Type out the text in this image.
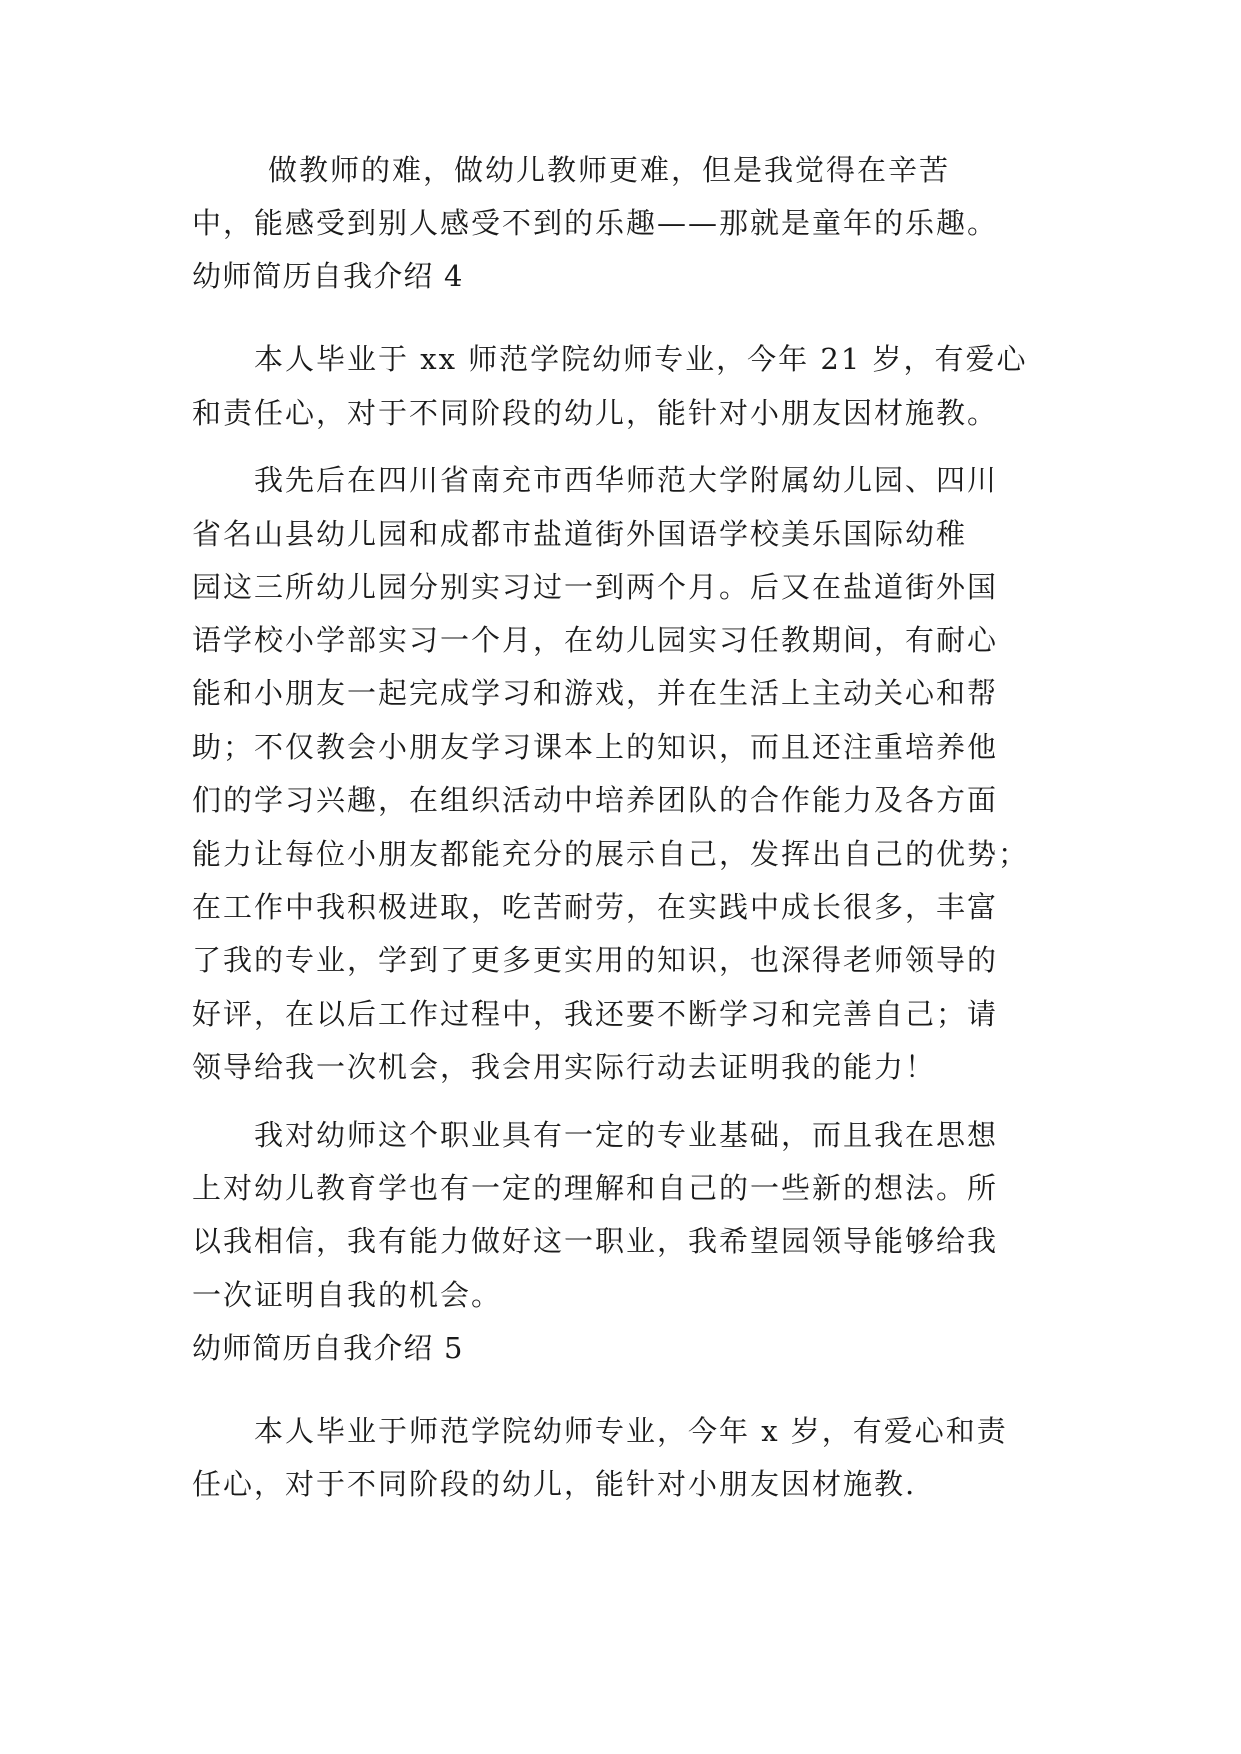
做教师的难，做幼儿教师更难，但是我觉得在辛苦
中，能感受到别人感受不到的乐趣——那就是童年的乐趣。
幼师简历自我介绍 4
本人毕业于 xx 师范学院幼师专业，今年 21 岁，有爱心
和责任心，对于不同阶段的幼儿，能针对小朋友因材施教。
我先后在四川省南充市西华师范大学附属幼儿园、四川
省名山县幼儿园和成都市盐道街外国语学校美乐国际幼稚
园这三所幼儿园分别实习过一到两个月。后又在盐道街外国
语学校小学部实习一个月，在幼儿园实习任教期间，有耐心
能和小朋友一起完成学习和游戏，并在生活上主动关心和帮
助；不仅教会小朋友学习课本上的知识，而且还注重培养他
们的学习兴趣，在组织活动中培养团队的合作能力及各方面
能力让每位小朋友都能充分的展示自己，发挥出自己的优势；
在工作中我积极进取，吃苦耐劳，在实践中成长很多，丰富
了我的专业，学到了更多更实用的知识，也深得老师领导的
好评，在以后工作过程中，我还要不断学习和完善自己；请
领导给我一次机会，我会用实际行动去证明我的能力！
我对幼师这个职业具有一定的专业基础，而且我在思想
上对幼儿教育学也有一定的理解和自己的一些新的想法。所
以我相信，我有能力做好这一职业，我希望园领导能够给我
一次证明自我的机会。
幼师简历自我介绍 5
本人毕业于师范学院幼师专业，今年 x 岁，有爱心和责
任心，对于不同阶段的幼儿，能针对小朋友因材施教.
